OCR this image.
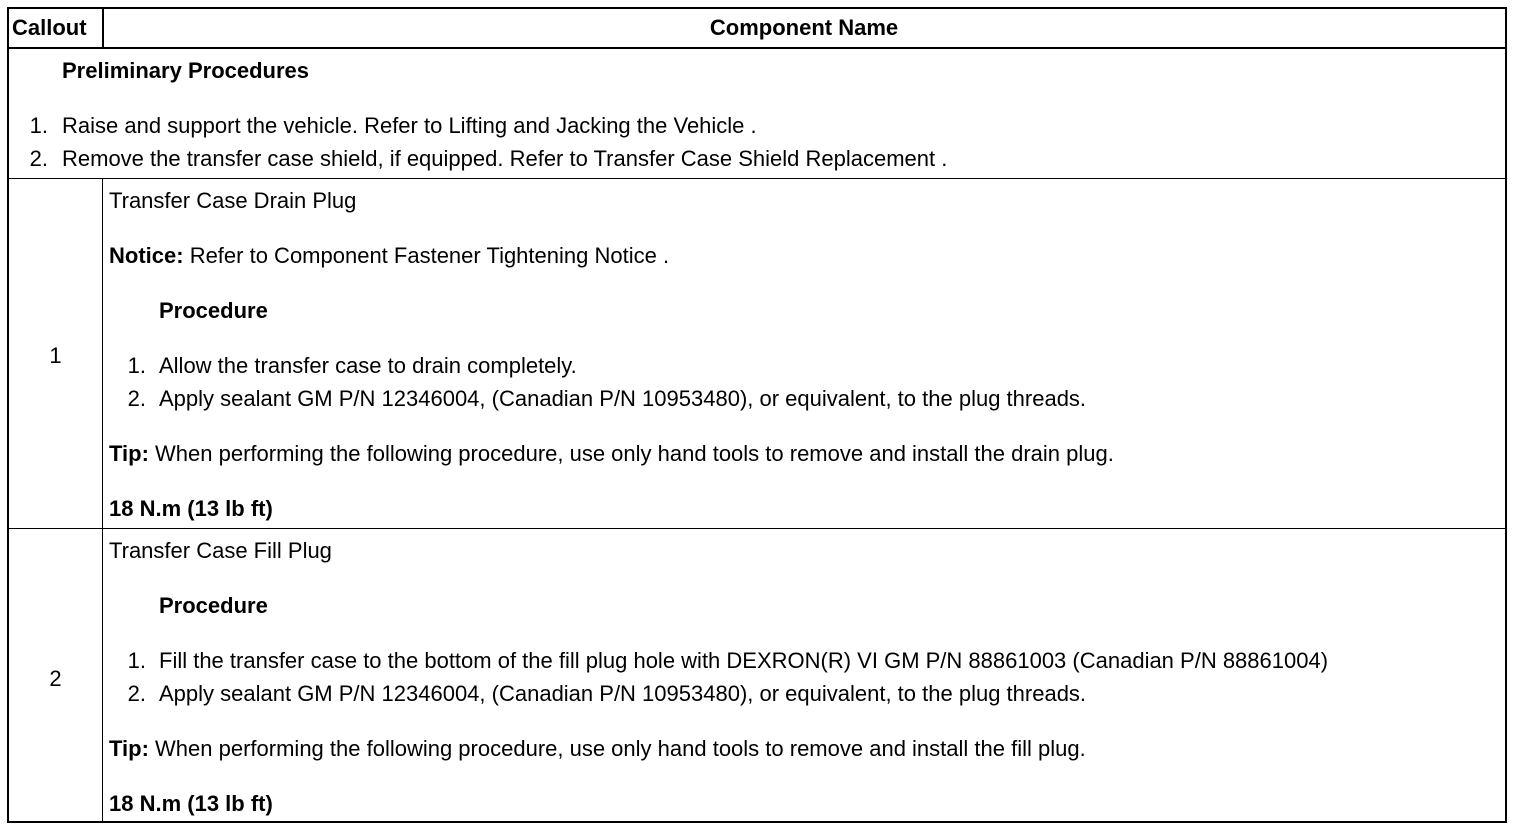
Callout	Component Name
Preliminary Procedures
1. Raise and support the vehicle. Refer to Lifting and Jacking the Vehicle .
2. Remove the transfer case shield, if equipped. Refer to Transfer Case Shield Replacement .
1
Transfer Case Drain Plug
Notice: Refer to Component Fastener Tightening Notice .
Procedure
1. Allow the transfer case to drain completely.
2. Apply sealant GM P/N 12346004, (Canadian P/N 10953480), or equivalent, to the plug threads.
Tip: When performing the following procedure, use only hand tools to remove and install the drain plug.
18 N.m (13 lb ft)
2
Transfer Case Fill Plug
Procedure
1. Fill the transfer case to the bottom of the fill plug hole with DEXRON(R) VI GM P/N 88861003 (Canadian P/N 88861004)
2. Apply sealant GM P/N 12346004, (Canadian P/N 10953480), or equivalent, to the plug threads.
Tip: When performing the following procedure, use only hand tools to remove and install the fill plug.
18 N.m (13 lb ft)
